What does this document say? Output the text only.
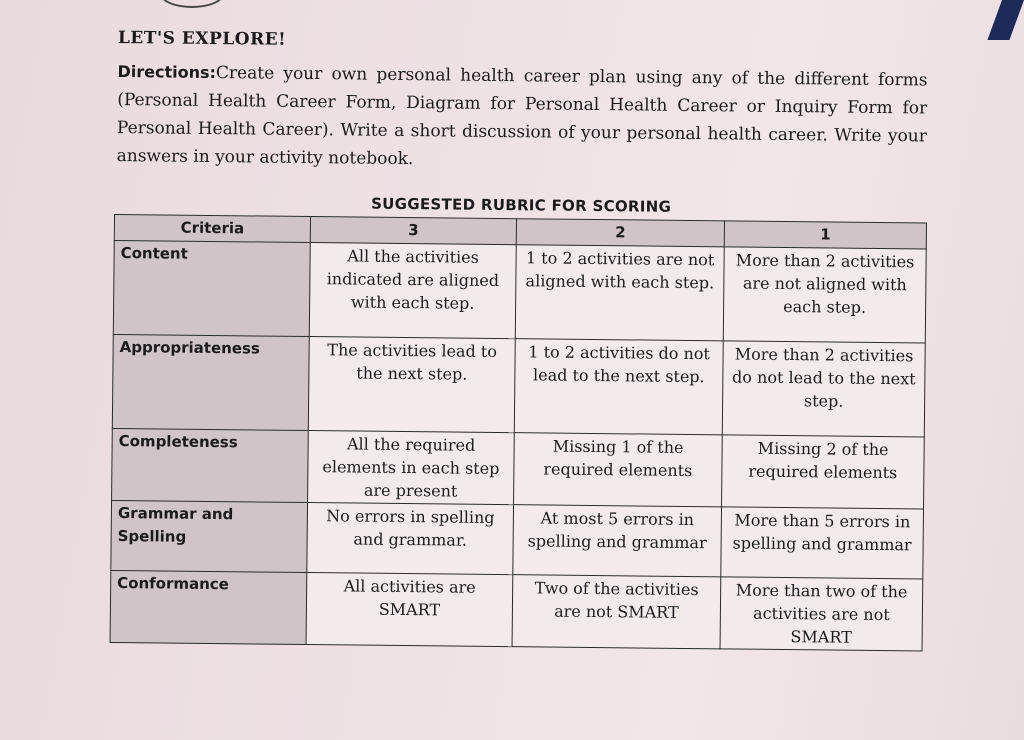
LET'S EXPLORE!

Directions:Create your own personal health career plan using any of the different forms (Personal Health Career Form, Diagram for Personal Health Career or Inquiry Form for Personal Health Career). Write a short discussion of your personal health career. Write your answers in your activity notebook.

SUGGESTED RUBRIC FOR SCORING
Criteria	3	2	1
Content	All the activities indicated are aligned with each step.	1 to 2 activities are not aligned with each step.	More than 2 activities are not aligned with each step.
Appropriateness	The activities lead to the next step.	1 to 2 activities do not lead to the next step.	More than 2 activities do not lead to the next step.
Completeness	All the required elements in each step are present	Missing 1 of the required elements	Missing 2 of the required elements
Grammar and Spelling	No errors in spelling and grammar.	At most 5 errors in spelling and grammar	More than 5 errors in spelling and grammar
Conformance	All activities are SMART	Two of the activities are not SMART	More than two of the activities are not SMART
